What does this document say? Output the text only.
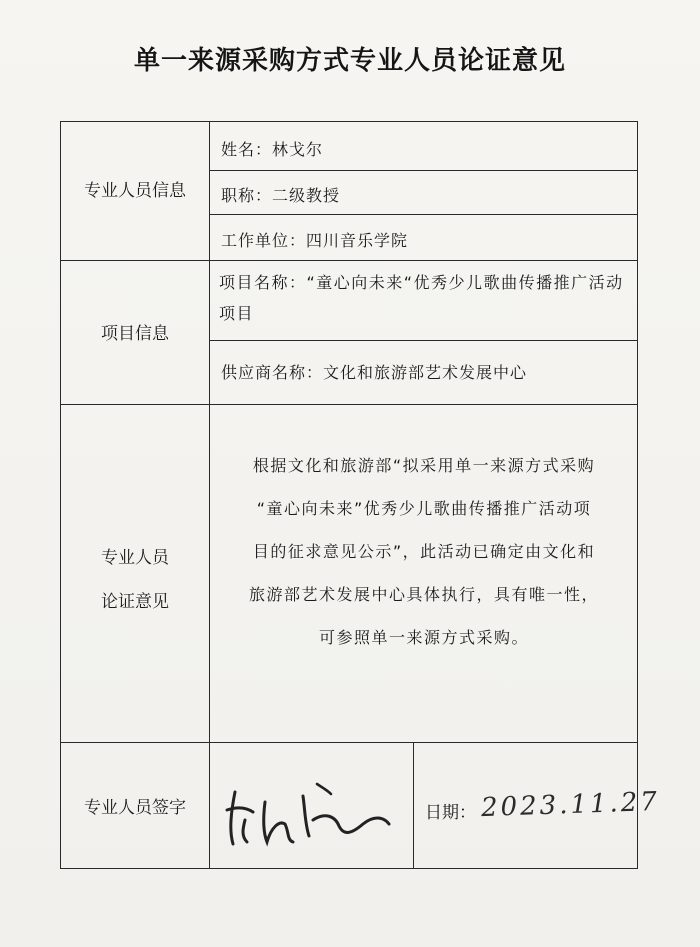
单一来源采购方式专业人员论证意见
专业人员信息
姓名：林戈尔
职称：二级教授
工作单位：四川音乐学院
项目信息
项目名称：“童心向未来“优秀少儿歌曲传播推广活动项目
供应商名称：文化和旅游部艺术发展中心
专业人员
论证意见

根据文化和旅游部“拟采用单一来源方式采购

“童心向未来”优秀少儿歌曲传播推广活动项

目的征求意见公示”，此活动已确定由文化和

旅游部艺术发展中心具体执行，具有唯一性，

可参照单一来源方式采购。

专业人员签字	日期： 2023.11.27
